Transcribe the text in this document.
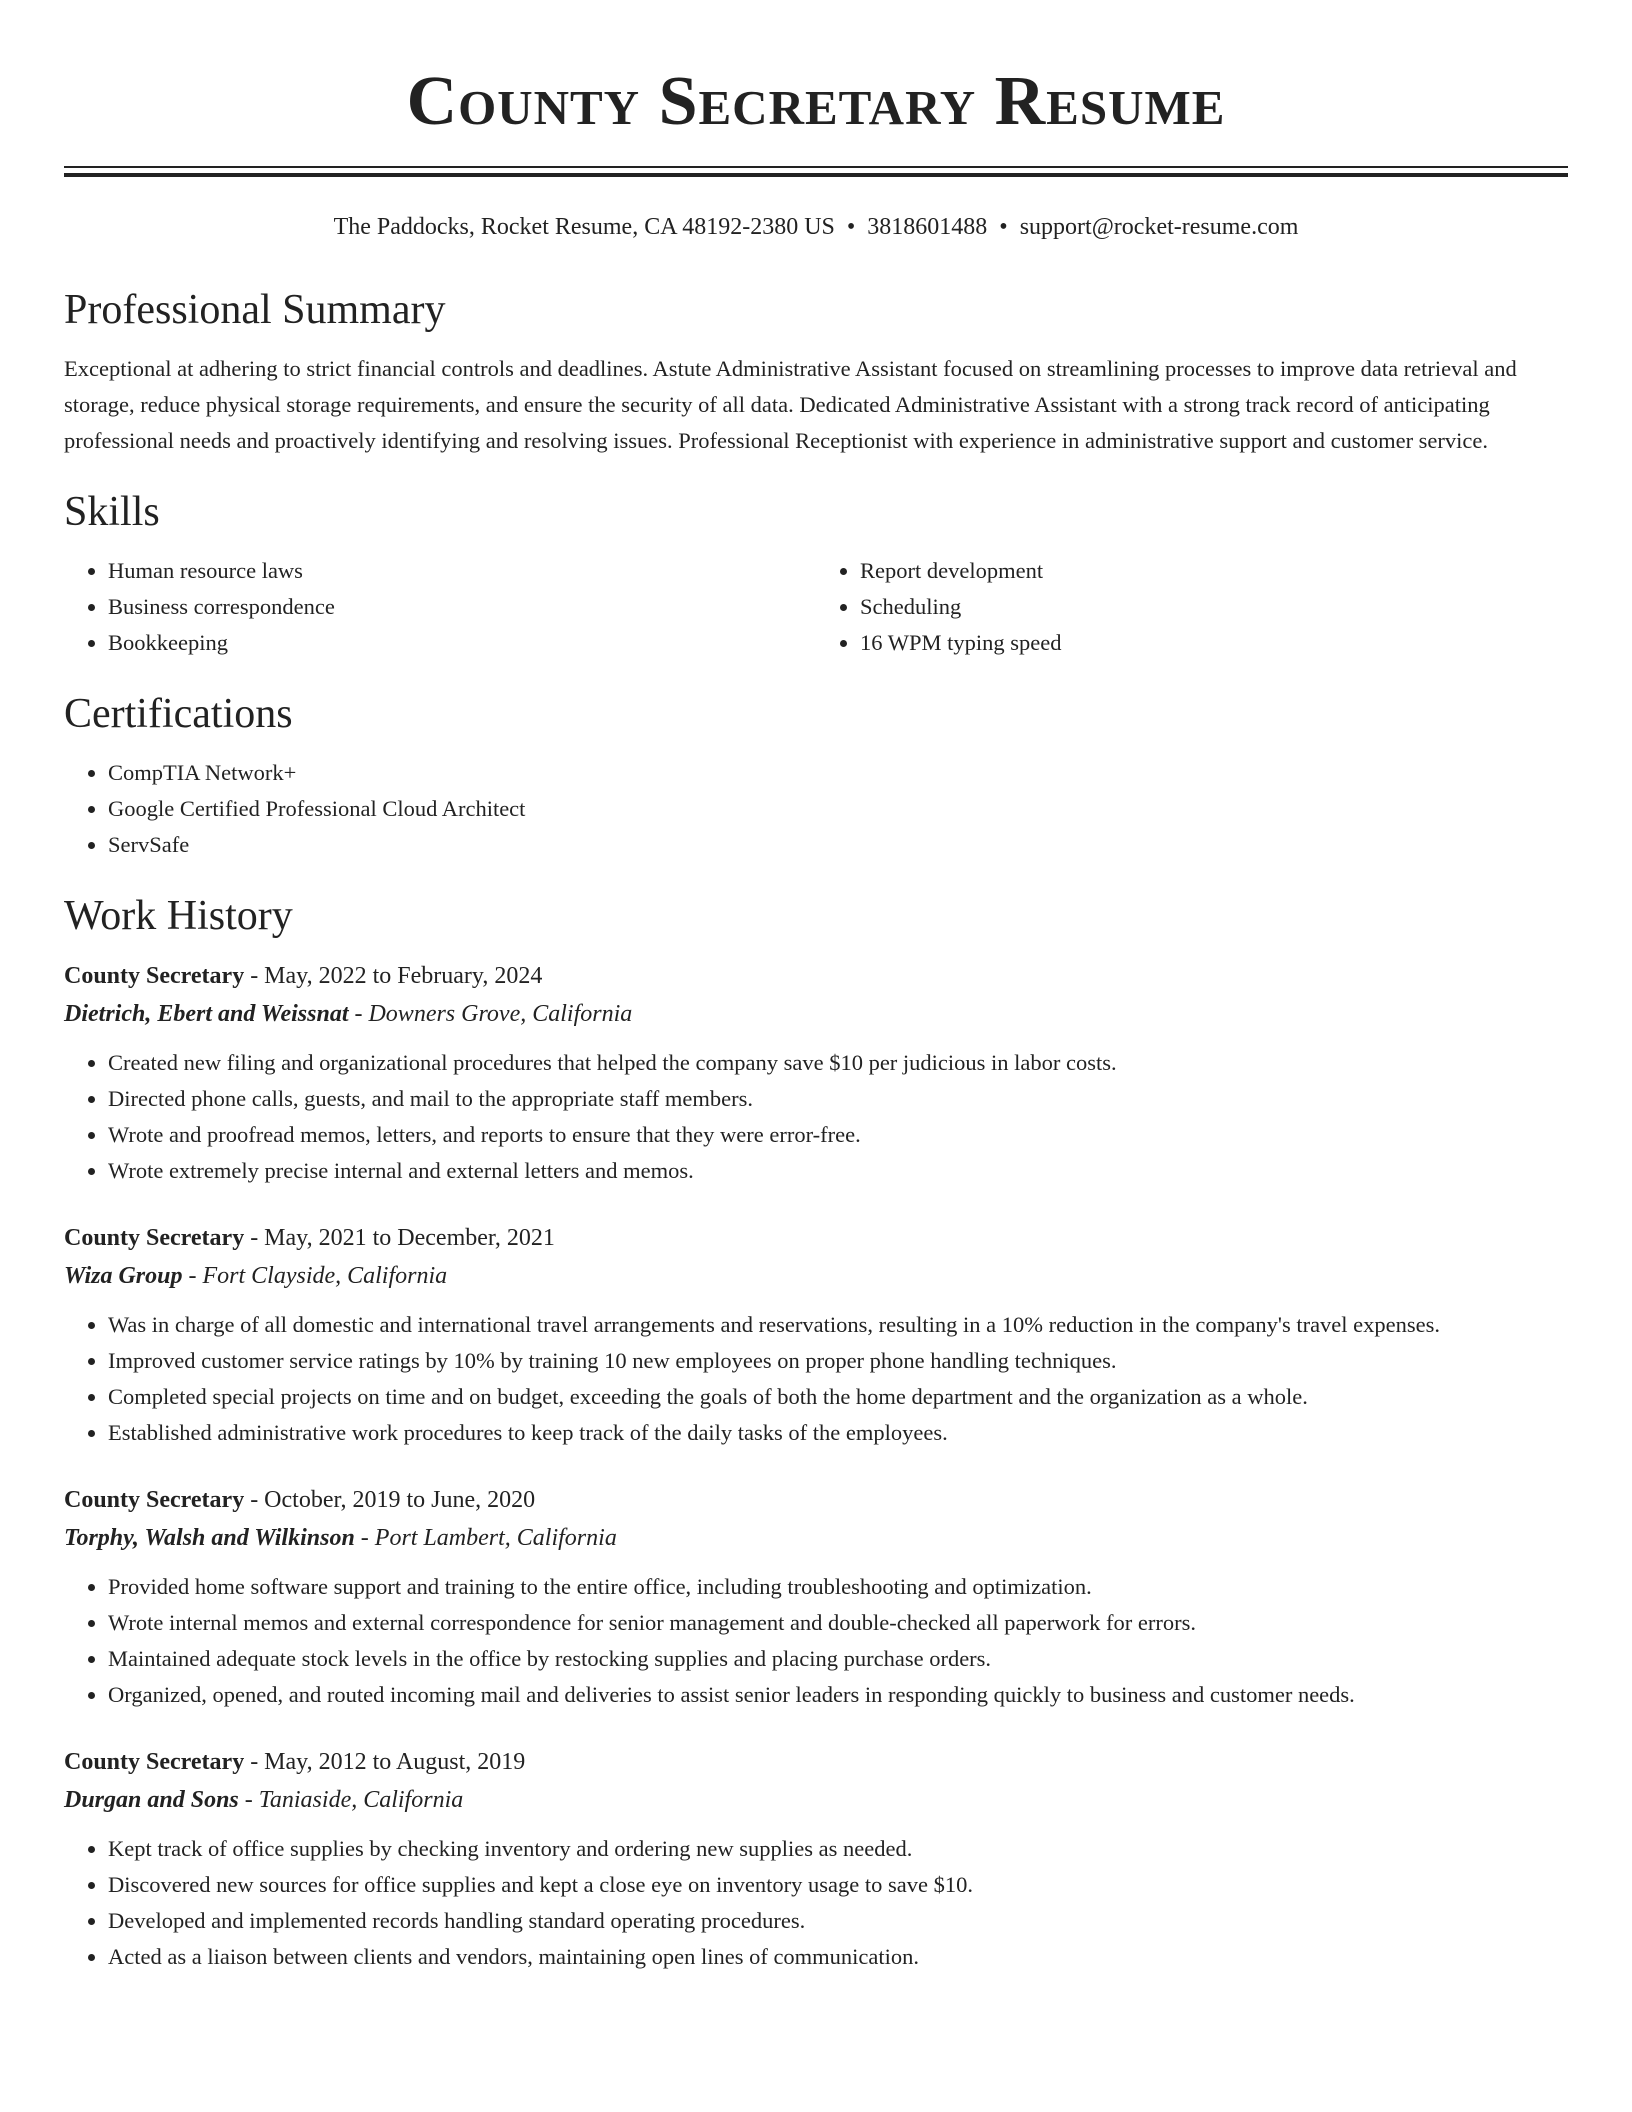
County Secretary Resume
The Paddocks, Rocket Resume, CA 48192-2380 US • 3818601488 • support@rocket-resume.com
Professional Summary

Exceptional at adhering to strict financial controls and deadlines. Astute Administrative Assistant focused on streamlining processes to improve data retrieval and storage, reduce physical storage requirements, and ensure the security of all data. Dedicated Administrative Assistant with a strong track record of anticipating professional needs and proactively identifying and resolving issues. Professional Receptionist with experience in administrative support and customer service.

Skills
• Human resource laws
• Business correspondence
• Bookkeeping
• Report development
• Scheduling
• 16 WPM typing speed
Certifications
• CompTIA Network+
• Google Certified Professional Cloud Architect
• ServSafe
Work History
County Secretary - May, 2022 to February, 2024
Dietrich, Ebert and Weissnat - Downers Grove, California
• Created new filing and organizational procedures that helped the company save $10 per judicious in labor costs.
• Directed phone calls, guests, and mail to the appropriate staff members.
• Wrote and proofread memos, letters, and reports to ensure that they were error-free.
• Wrote extremely precise internal and external letters and memos.
County Secretary - May, 2021 to December, 2021
Wiza Group - Fort Clayside, California
• Was in charge of all domestic and international travel arrangements and reservations, resulting in a 10% reduction in the company's travel expenses.
• Improved customer service ratings by 10% by training 10 new employees on proper phone handling techniques.
• Completed special projects on time and on budget, exceeding the goals of both the home department and the organization as a whole.
• Established administrative work procedures to keep track of the daily tasks of the employees.
County Secretary - October, 2019 to June, 2020
Torphy, Walsh and Wilkinson - Port Lambert, California
• Provided home software support and training to the entire office, including troubleshooting and optimization.
• Wrote internal memos and external correspondence for senior management and double-checked all paperwork for errors.
• Maintained adequate stock levels in the office by restocking supplies and placing purchase orders.
• Organized, opened, and routed incoming mail and deliveries to assist senior leaders in responding quickly to business and customer needs.
County Secretary - May, 2012 to August, 2019
Durgan and Sons - Taniaside, California
• Kept track of office supplies by checking inventory and ordering new supplies as needed.
• Discovered new sources for office supplies and kept a close eye on inventory usage to save $10.
• Developed and implemented records handling standard operating procedures.
• Acted as a liaison between clients and vendors, maintaining open lines of communication.
